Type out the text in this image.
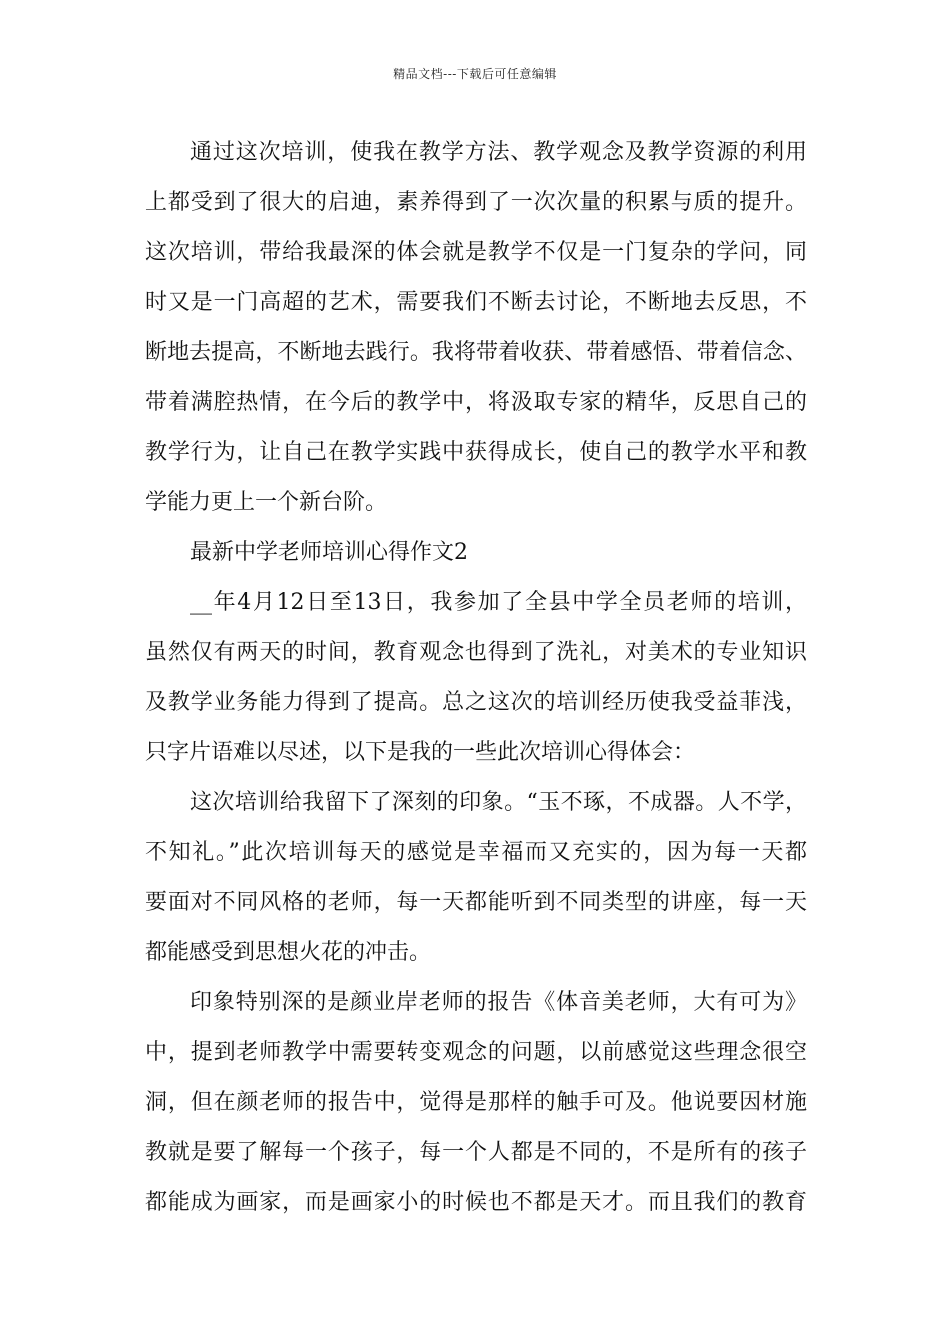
精品文档---下载后可任意编辑
通过这次培训，使我在教学方法、教学观念及教学资源的利用
上都受到了很大的启迪，素养得到了一次次量的积累与质的提升。
这次培训，带给我最深的体会就是教学不仅是一门复杂的学问，同
时又是一门高超的艺术，需要我们不断去讨论，不断地去反思，不
断地去提高，不断地去践行。我将带着收获、带着感悟、带着信念、
带着满腔热情，在今后的教学中，将汲取专家的精华，反思自己的
教学行为，让自己在教学实践中获得成长，使自己的教学水平和教
学能力更上一个新台阶。
最新中学老师培训心得作文2
__年4月12日至13日，我参加了全县中学全员老师的培训，
虽然仅有两天的时间，教育观念也得到了洗礼，对美术的专业知识
及教学业务能力得到了提高。总之这次的培训经历使我受益菲浅，
只字片语难以尽述，以下是我的一些此次培训心得体会：
这次培训给我留下了深刻的印象。“玉不琢，不成器。人不学，
不知礼。”此次培训每天的感觉是幸福而又充实的，因为每一天都
要面对不同风格的老师，每一天都能听到不同类型的讲座，每一天
都能感受到思想火花的冲击。
印象特别深的是颜业岸老师的报告《体音美老师，大有可为》
中，提到老师教学中需要转变观念的问题，以前感觉这些理念很空
洞，但在颜老师的报告中，觉得是那样的触手可及。他说要因材施
教就是要了解每一个孩子，每一个人都是不同的，不是所有的孩子
都能成为画家，而是画家小的时候也不都是天才。而且我们的教育
